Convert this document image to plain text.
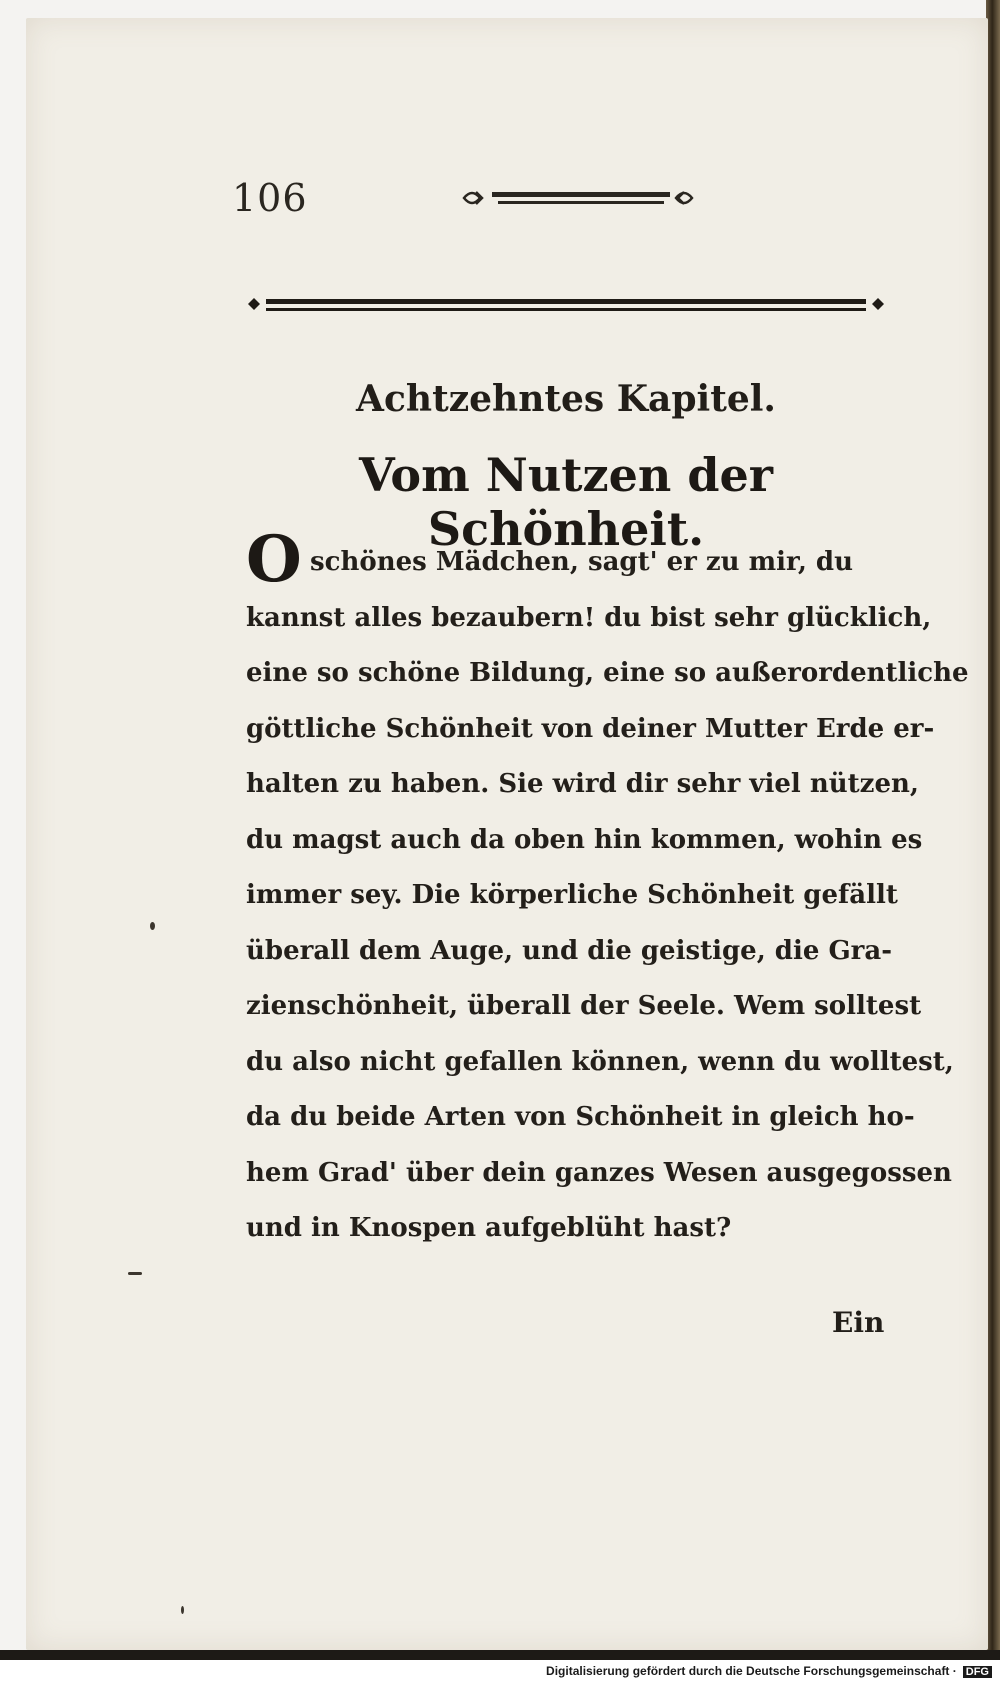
106
Achtzehntes Kapitel.
Vom Nutzen der Schönheit.
O schönes Mädchen, sagt' er zu mir, du
kannst alles bezaubern! du bist sehr glücklich,
eine so schöne Bildung, eine so außerordentliche
göttliche Schönheit von deiner Mutter Erde er-
halten zu haben. Sie wird dir sehr viel nützen,
du magst auch da oben hin kommen, wohin es
immer sey. Die körperliche Schönheit gefällt
überall dem Auge, und die geistige, die Gra-
zienschönheit, überall der Seele. Wem solltest
du also nicht gefallen können, wenn du wolltest,
da du beide Arten von Schönheit in gleich ho-
hem Grad' über dein ganzes Wesen ausgegossen
und in Knospen aufgeblüht hast?
Ein
Digitalisierung gefördert durch die Deutsche Forschungsgemeinschaft · DFG
